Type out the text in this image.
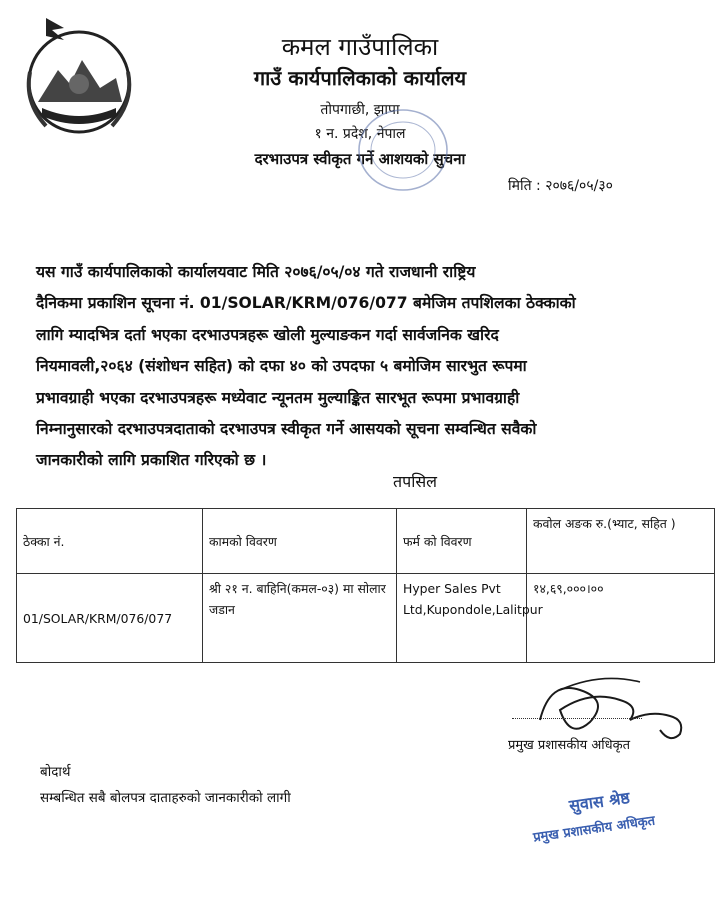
कमल गाउँपालिका
गाउँ कार्यपालिकाको कार्यालय
तोपगाछी, झापा
१ न. प्रदेश, नेपाल
दरभाउपत्र स्वीकृत गर्ने आशयको सुचना
मिति : २०७६/०५/३०
यस गाउँ कार्यपालिकाको कार्यालयवाट मिति २०७६/०५/०४ गते राजधानी राष्ट्रिय
दैनिकमा प्रकाशिन सूचना नं. 01/SOLAR/KRM/076/077 बमेजिम तपशिलका ठेक्काको
लागि म्यादभित्र दर्ता भएका दरभाउपत्रहरू खोली मुल्याङकन गर्दा सार्वजनिक खरिद
नियमावली,२०६४ (संशोधन सहित) को दफा ४० को उपदफा ५ बमोजिम सारभुत रूपमा
प्रभावग्राही भएका दरभाउपत्रहरू मध्येवाट न्यूनतम मुल्याङ्कित सारभूत रूपमा प्रभावग्राही
निम्नानुसारको दरभाउपत्रदाताको दरभाउपत्र स्वीकृत गर्ने आसयको सूचना सम्वन्धित सवैको
जानकारीको लागि प्रकाशित गरिएको छ ।
तपसिल
ठेक्का नं.	कामको विवरण	फर्म को विवरण	कवोल अङक रु.(भ्याट, सहित )
01/SOLAR/KRM/076/077	श्री २१ न. बाहिनि(कमल-०३) मा सोलार जडान	Hyper Sales Pvt Ltd,Kupondole,Lalitpur	१४,६९,०००।००
प्रमुख प्रशासकीय अधिकृत
सुवास श्रेष्ठ
प्रमुख प्रशासकीय अधिकृत
बोदार्थ
सम्बन्धित सबै बोलपत्र दाताहरुको जानकारीको लागी
